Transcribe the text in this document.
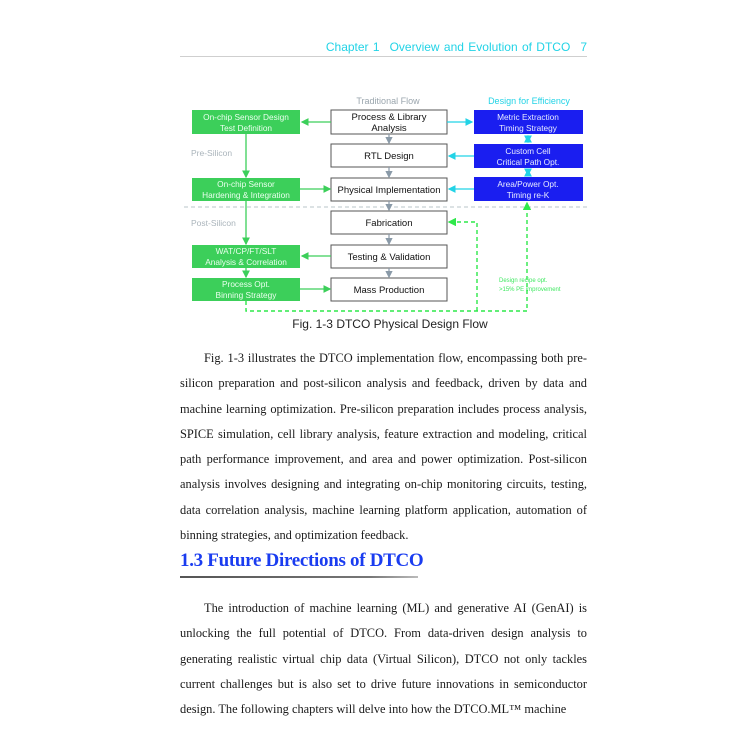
Chapter 1 Overview and Evolution of DTCO 7
Traditional Flow	Design for Efficiency
Pre-Silicon
Post-Silicon
Process & Library
Analysis
RTL Design
Physical Implementation
Fabrication
Testing & Validation
Mass Production
On-chip Sensor Design
Test Definition
On-chip Sensor
Hardening & Integration
WAT/CP/FT/SLT
Analysis & Correlation
Process Opt.
Binning Strategy
Metric Extraction
Timing Strategy
Custom Cell
Critical Path Opt.
Area/Power Opt.
Timing re-K
Design recipe opt.
>15% PE improvement
Fig. 1-3 DTCO Physical Design Flow

Fig. 1-3 illustrates the DTCO implementation flow, encompassing both pre-silicon preparation and post-silicon analysis and feedback, driven by data and machine learning optimization. Pre-silicon preparation includes process analysis, SPICE simulation, cell library analysis, feature extraction and modeling, critical path performance improvement, and area and power optimization. Post-silicon analysis involves designing and integrating on-chip monitoring circuits, testing, data correlation analysis, machine learning platform application, automation of binning strategies, and optimization feedback.

1.3 Future Directions of DTCO

The introduction of machine learning (ML) and generative AI (GenAI) is unlocking the full potential of DTCO. From data-driven design analysis to generating realistic virtual chip data (Virtual Silicon), DTCO not only tackles current challenges but is also set to drive future innovations in semiconductor design. The following chapters will delve into how the DTCO.ML™ machine
